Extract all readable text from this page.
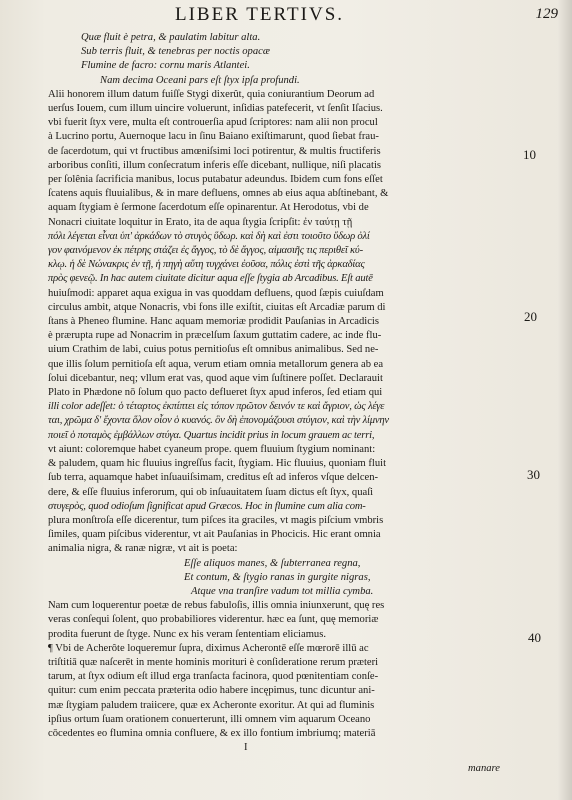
LIBER TERTIVS.	129
Quæ fluit è petra, & paulatim labitur alta.
Sub terris fluit, & tenebras per noctis opacæ
Flumine de facro: cornu maris Atlantei.
Nam decima Oceani pars eſt ſtyx ipſa profundi.
Alii honorem illum datum fuiſſe Stygi dixerût, quia coniurantium Deorum ad
uerſus Iouem, cum illum uincire voluerunt, inſidias patefecerit, vt ſenſit Iſacius.
vbi fuerit ſtyx vere, multa eſt controuerſia apud ſcriptores: nam alii non procul
à Lucrino portu, Auernoque lacu in ſinu Baiano exiſtimarunt, quod ſiebat frau-
de ſacerdotum, qui vt fructibus amœniſsimi loci potirentur, & multis fructiferis
arboribus conſiti, illum conſecratum inferis eſſe dicebant, nullique, niſi placatis
per ſolênia ſacrificia manibus, locus putabatur adeundus. Ibidem cum fons eſſet
ſcatens aquis fluuialibus, & in mare defluens, omnes ab eius aqua abſtinebant, &
aquam ſtygiam è ſermone ſacerdotum eſſe opinarentur. At Herodotus, vbi de
Nonacri ciuitate loquitur in Erato, ita de aqua ſtygia ſcripſit: ἐν ταύτῃ τῇ
πόλι λέγεται εἶναι ὑπ' ἀρκάδων τὸ στυγὸς ὕδωρ. καὶ δὴ καὶ ἐστι τοιοῦτο ὕδωρ ὀλί
γον φαινόμενον ἐκ πέτρης στάζει ἐς ἄγγος, τὸ δὲ ἄγγος, αἱμασιῆς τις περιθεῖ κύ-
κλῳ. ἡ δὲ Νώνακρις ἐν τῇ, ἡ πηγὴ αὕτη τυγχάνει ἐοῦσα, πόλις ἐστὶ τῆς ἀρκαδίας
πρὸς φενεῷ. In hac autem ciuitate dicitur aqua eſſe ſtygia ab Arcadibus. Eſt autē
huiuſmodi: apparet aqua exigua in vas quoddam defluens, quod ſæpis cuiuſdam
circulus ambit, atque Nonacris, vbi fons ille exiſtit, ciuitas eſt Arcadiæ parum di
ſtans à Pheneo flumine. Hanc aquam memoriæ prodidit Pauſanias in Arcadicis
è prærupta rupe ad Nonacrim in præcelſum ſaxum guttatim cadere, ac inde flu-
uium Crathim de labi, cuius potus pernitioſus eſt omnibus animalibus. Sed ne-
que illis ſolum pernitioſa eſt aqua, verum etiam omnia metallorum genera ab ea
ſolui dicebantur, neq; vllum erat vas, quod aque vim ſuſtinere poſſet. Declarauit
Plato in Phædone nō ſolum quo pacto deflueret ſtyx apud inferos, ſed etiam qui
illi color adeſſet: ὁ τέταρτος ἐκπίπτει εἰς τόπον πρῶτον δεινόν τε καὶ ἄγριον, ὡς λέγε
ται, χρῶμα δ' ἔχοντα ὅλον οἷον ὁ κυανός. ὃν δὴ ἐπονομάζουσι στύγιον, καὶ τὴν λίμνην
ποιεῖ ὁ ποταμὸς ἐμβάλλων στύγα. Quartus incidit prius in locum grauem ac terri,
vt aiunt: coloremque habet cyaneum prope. quem fluuium ſtygium nominant:
& paludem, quam hic fluuius ingreſſus facit, ſtygiam. Hic fluuius, quoniam fluit
ſub terra, aquamque habet inſuauiſsimam, creditus eſt ad inferos vſque delcen-
dere, & eſſe fluuius inferorum, qui ob inſuauitatem ſuam dictus eſt ſtyx, quaſi
στυγερὸς, quod odioſum ſignificat apud Græcos. Hoc in flumine cum alia com-
plura monſtroſa eſſe dicerentur, tum piſces ita graciles, vt magis piſcium vmbris
ſimiles, quam piſcibus viderentur, vt ait Pauſanias in Phocicis. Hic erant omnia
animalia nigra, & ranæ nigræ, vt ait is poeta:
Eſſe aliquos manes, & ſubterranea regna,
Et contum, & ſtygio ranas in gurgite nigras,
Atque vna tranſire vadum tot millia cymba.
Nam cum loquerentur poetæ de rebus fabuloſis, illis omnia iniunxerunt, quę res
veras conſequi ſolent, quo probabiliores viderentur. hæc ea ſunt, quę memoriæ
prodita fuerunt de ſtyge. Nunc ex his veram ſententiam eliciamus.
¶ Vbi de Acherôte loqueremur ſupra, diximus Acherontē eſſe mœrorē illū ac
triſtitiā quæ naſcerēt in mente hominis morituri è conſideratione rerum præteri
tarum, at ſtyx odium eſt illud erga tranſacta facinora, quod pœnitentiam conſe-
quitur: cum enim peccata præterita odio habere incępimus, tunc dicuntur ani-
mæ ſtygiam paludem traiicere, quæ ex Acheronte exoritur. At qui ad fluminis
ipſius ortum ſuam orationem conuerterunt, illi omnem vim aquarum Oceano
cōcedentes eo flumina omnia confluere, & ex illo fontium imbriumq; materiā
10
20
30
40
I
manare
